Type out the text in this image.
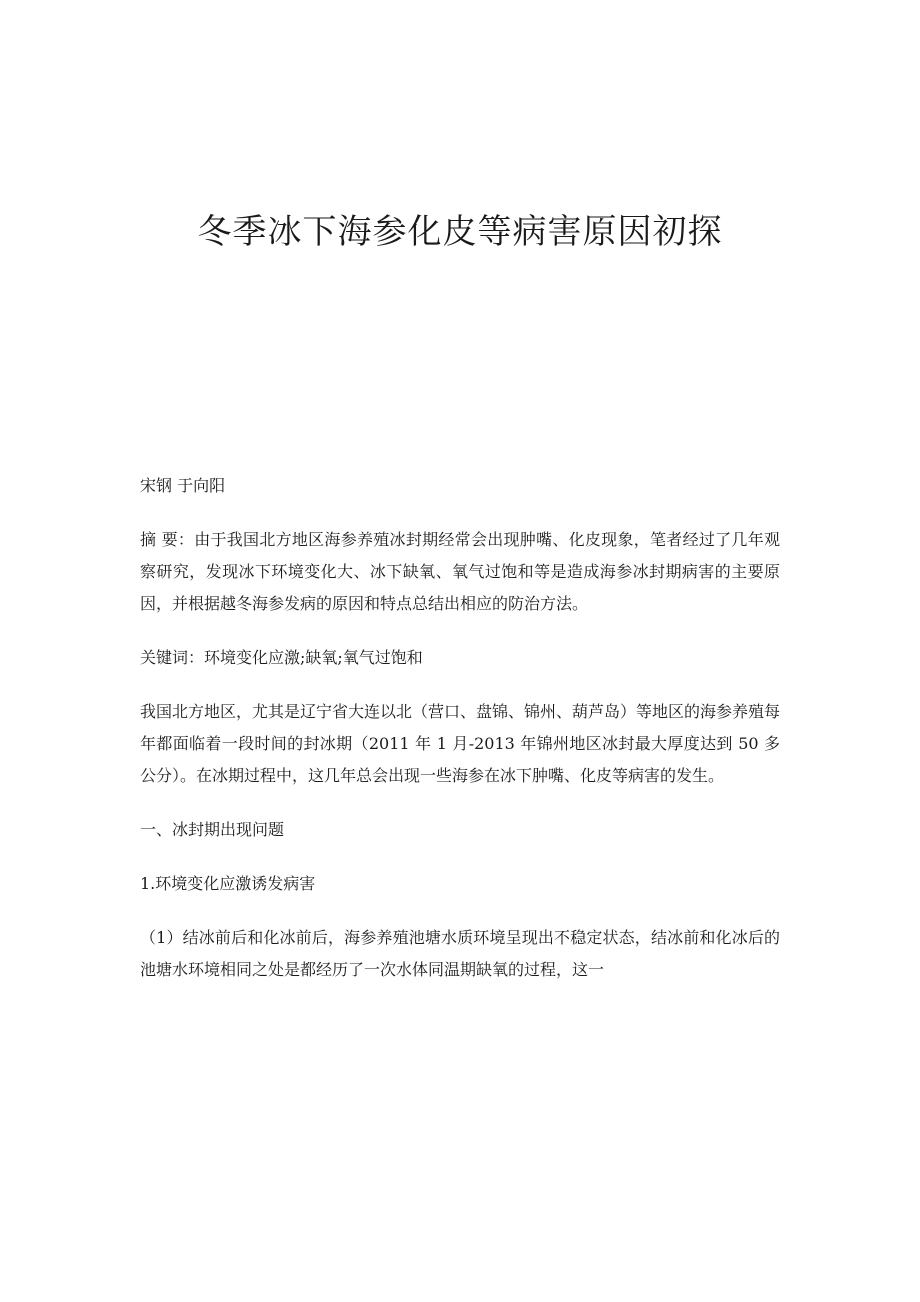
冬季冰下海参化皮等病害原因初探

宋钢 于向阳

摘 要：由于我国北方地区海参养殖冰封期经常会出现肿嘴、化皮现象，笔者经过了几年观察研究，发现冰下环境变化大、冰下缺氧、氧气过饱和等是造成海参冰封期病害的主要原因，并根据越冬海参发病的原因和特点总结出相应的防治方法。

关键词：环境变化应激;缺氧;氧气过饱和

我国北方地区，尤其是辽宁省大连以北（营口、盘锦、锦州、葫芦岛）等地区的海参养殖每年都面临着一段时间的封冰期（2011 年 1 月-2013 年锦州地区冰封最大厚度达到 50 多公分）。在冰期过程中，这几年总会出现一些海参在冰下肿嘴、化皮等病害的发生。

一、冰封期出现问题

1.环境变化应激诱发病害

（1）结冰前后和化冰前后，海参养殖池塘水质环境呈现出不稳定状态，结冰前和化冰后的池塘水环境相同之处是都经历了一次水体同温期缺氧的过程，这一
